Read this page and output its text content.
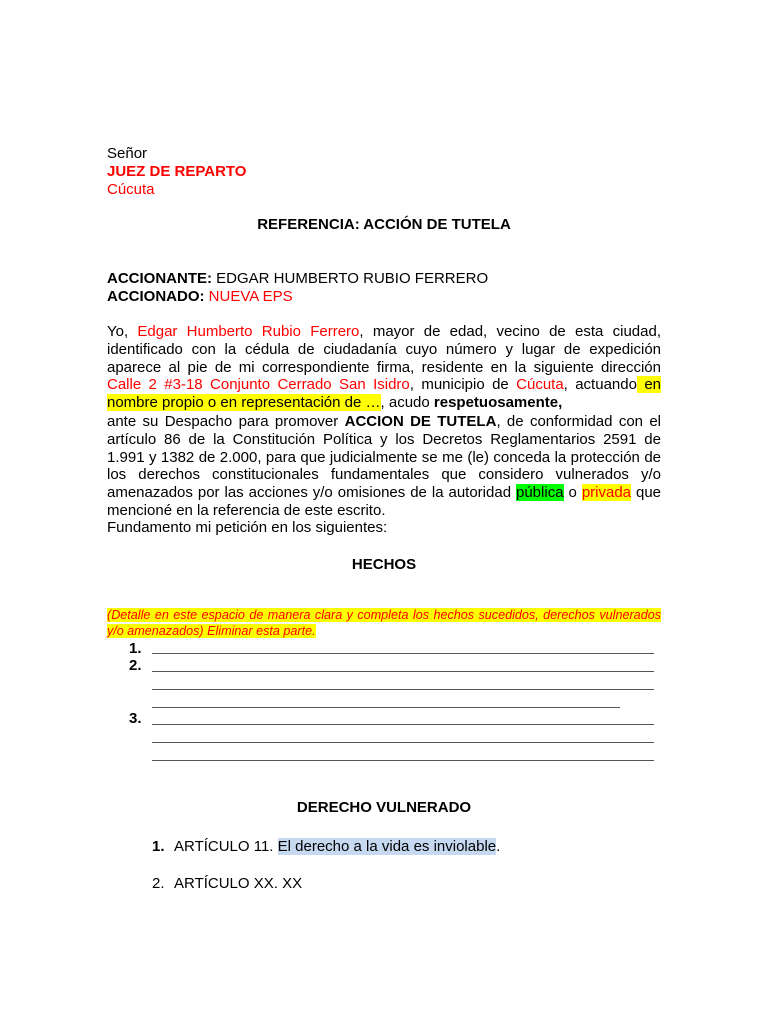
Señor
JUEZ DE REPARTO
Cúcuta
REFERENCIA: ACCIÓN DE TUTELA
ACCIONANTE: EDGAR HUMBERTO RUBIO FERRERO
ACCIONADO: NUEVA EPS
Yo, Edgar Humberto Rubio Ferrero, mayor de edad, vecino de esta ciudad, identificado con la cédula de ciudadanía cuyo número y lugar de expedición aparece al pie de mi correspondiente firma, residente en la siguiente dirección Calle 2 #3-18 Conjunto Cerrado San Isidro, municipio de Cúcuta, actuando en nombre propio o en representación de …, acudo respetuosamente,
ante su Despacho para promover ACCION DE TUTELA, de conformidad con el artículo 86 de la Constitución Política y los Decretos Reglamentarios 2591 de 1.991 y 1382 de 2.000, para que judicialmente se me (le) conceda la protección de los derechos constitucionales fundamentales que considero vulnerados y/o amenazados por las acciones y/o omisiones de la autoridad pública o privada que mencioné en la referencia de este escrito.
Fundamento mi petición en los siguientes:
HECHOS
(Detalle en este espacio de manera clara y completa los hechos sucedidos, derechos vulnerados y/o amenazados) Eliminar esta parte.
1.
2.
3.
DERECHO VULNERADO
1. ARTÍCULO 11. El derecho a la vida es inviolable.
2. ARTÍCULO XX. XX
